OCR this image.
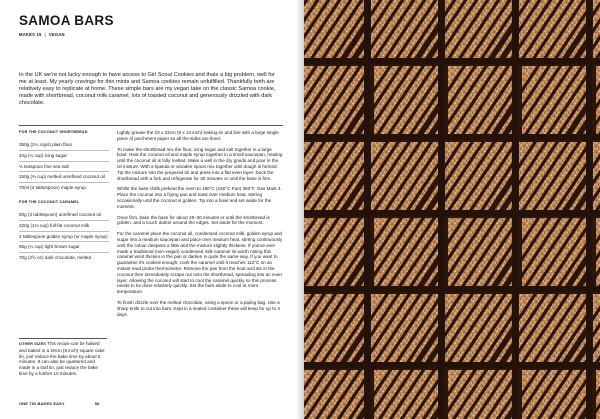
SAMOA BARS
MAKES 15 | VEGAN

In the UK we're not lucky enough to have access to Girl Scout Cookies and thats a big problem, well for me at least. My yearly cravings for thin mints and Samoa cookies remain unfulfilled. Thankfully both are relatively easy to replicate at home. These simple bars are my vegan take on the classic Samoa cookie, made with shortbread, coconut milk caramel, lots of toasted coconut and generously drizzled with dark chocolate.

FOR THE COCONUT SHORTBREAD
350g (2¼ cups) plain flour
40g (¼ cup) icing sugar
½ teaspoon fine sea salt
150g (⅔ cup) melted unrefined coconut oil
70ml (4 tablespoon) maple syrup
FOR THE COCONUT CARAMEL
50g (3 tablespoon) unrefined coconut oil
320g (1⅓ cup) full-fat coconut milk
2 tablespoon golden syrup (or maple syrup)
55g (¼ cup) light brown sugar
70g (2½ oz) dark chocolate, melted

OTHER SIZES This recipe can be halved and baked in a 20cm (8 inch) square cake tin, just reduce the bake time by about 5 minutes. It can also be quartered and made in a loaf tin, just reduce the bake time by a further 10 minutes.

Lightly grease the 23 x 33cm (9 x 13 inch) baking tin and line with a large single piece of parchment paper so all the sides are lined.

To make the shortbread mix the flour, icing sugar and salt together in a large bowl. Heat the coconut oil and maple syrup together in a small saucepan, heating until the coconut oil is fully melted. Make a well in the dry goods and pour in the oil mixture. With a spatula or wooden spoon mix together until dough is formed. Tip the mixture into the prepared tin and press into a flat even layer. Dock the shortbread with a fork and refrigerate for 30 minutes or until the base is firm.

Whilst the base chills preheat the oven to 180°C (160°C Fan) 350°F, Gas Mark 4. Place the coconut into a frying pan and toast over medium heat, stirring occasionally until the coconut is golden. Tip into a bowl and set aside for the moment.

Once firm, bake the base for about 25–30 minutes or until the shortbread is golden, and a touch darker around the edges. Set aside for the moment.

For the caramel place the coconut oil, condensed coconut milk, golden syrup and sugar into a medium saucepan and place over medium heat, stirring continuously until the colour deepens a little and the mixture slightly thickens. If you've ever made a traditional (non-vegan) condensed milk caramel its worth noting this caramel wont thicken in the pan or darken in quite the same way. If you want to guarantee it's cooked enough, cook the caramel until it reaches 112°C on an instant read probe thermometer. Remove the pan from the heat and stir in the coconut then immediately scrape out onto the shortbread, spreading into an even layer. Allowing the coconut will start to cool the caramel quickly so this process needs to be done relatively quickly. Set the bars aside to cool at room temperature.

To finish drizzle over the melted chocolate, using a spoon or a piping bag. Use a sharp knife to cut into bars. Kept in a sealed container these will keep for up to 4 days.

ONE TIN BAKES EASY	58
